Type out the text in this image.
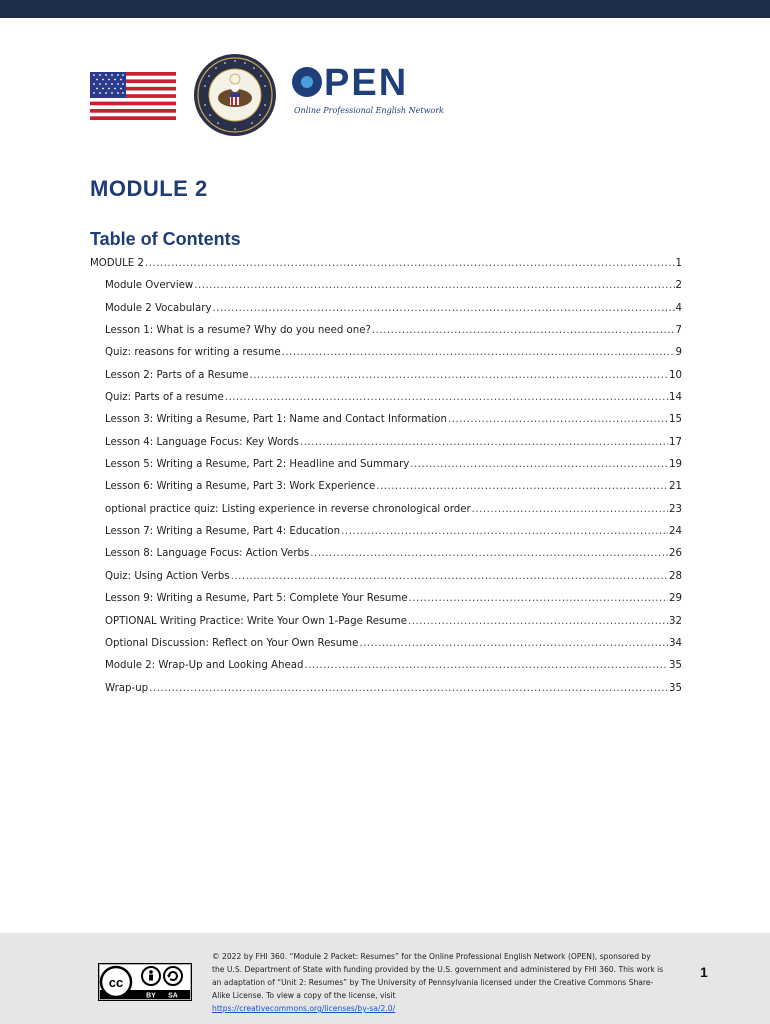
PEN
Online Professional English Network
MODULE 2
Table of Contents
MODULE 2 .....	1
Module Overview .....	2
Module 2 Vocabulary .....	4
Lesson 1: What is a resume? Why do you need one? .....	7
Quiz: reasons for writing a resume .....	9
Lesson 2: Parts of a Resume .....	10
Quiz: Parts of a resume .....	14
Lesson 3: Writing a Resume, Part 1: Name and Contact Information .....	15
Lesson 4: Language Focus: Key Words .....	17
Lesson 5: Writing a Resume, Part 2: Headline and Summary .....	19
Lesson 6: Writing a Resume, Part 3: Work Experience .....	21
optional practice quiz: Listing experience in reverse chronological order .....	23
Lesson 7: Writing a Resume, Part 4: Education .....	24
Lesson 8: Language Focus: Action Verbs .....	26
Quiz: Using Action Verbs .....	28
Lesson 9: Writing a Resume, Part 5: Complete Your Resume .....	29
OPTIONAL Writing Practice: Write Your Own 1-Page Resume .....	32
Optional Discussion: Reflect on Your Own Resume .....	34
Module 2: Wrap-Up and Looking Ahead .....	35
Wrap-up .....	35
cc
BY SA

© 2022 by FHI 360. “Module 2 Packet: Resumes” for the Online Professional English Network (OPEN), sponsored by the U.S. Department of State with funding provided by the U.S. government and administered by FHI 360. This work is an adaptation of “Unit 2: Resumes” by The University of Pennsylvania licensed under the Creative Commons Share-Alike License. To view a copy of the license, visit

https://creativecommons.org/licenses/by-sa/2.0/
1
